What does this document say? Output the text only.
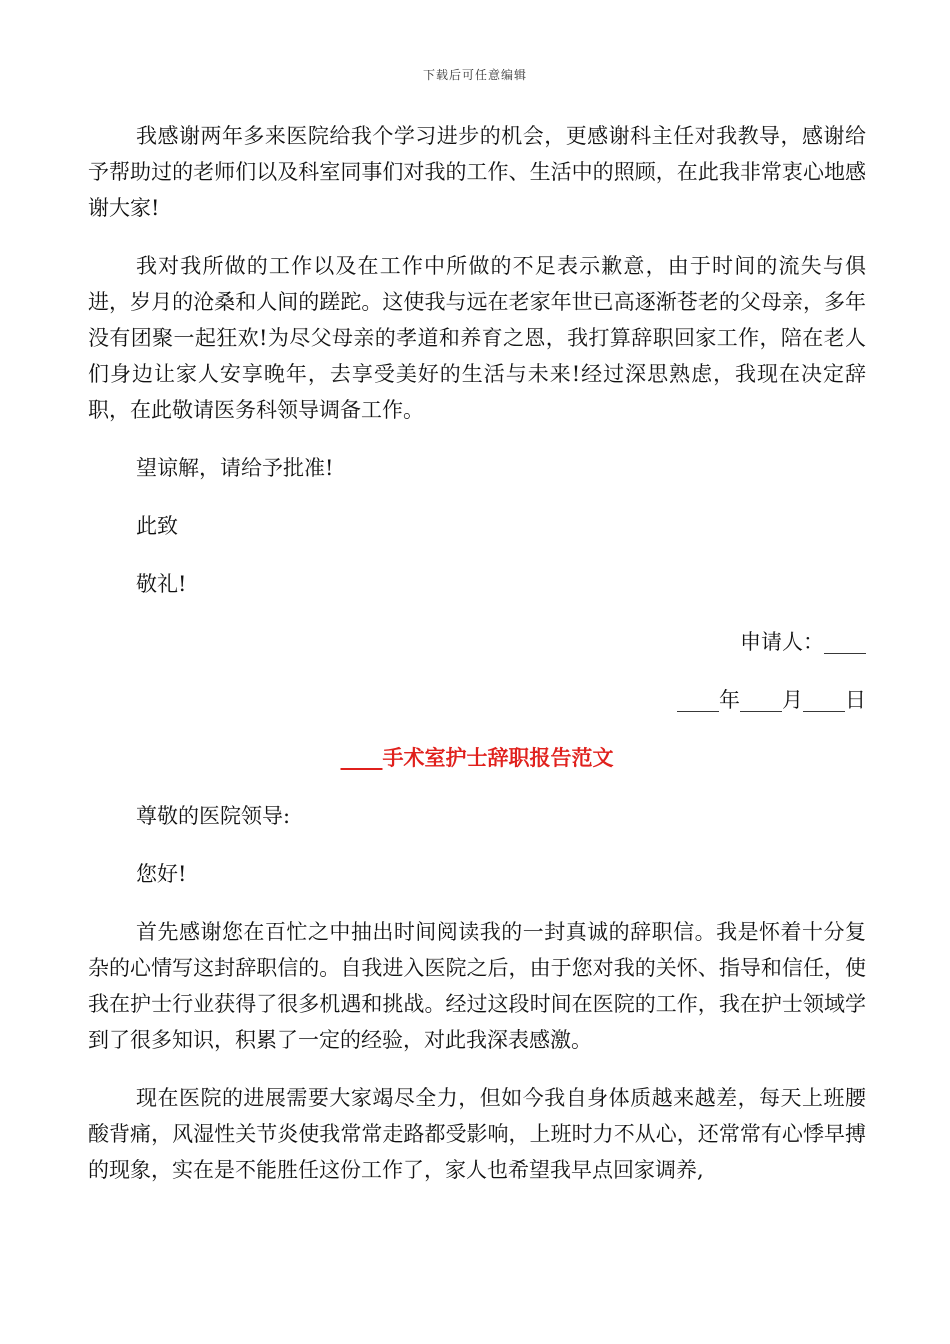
下载后可任意编辑

我感谢两年多来医院给我个学习进步的机会，更感谢科主任对我教导，感谢给予帮助过的老师们以及科室同事们对我的工作、生活中的照顾，在此我非常衷心地感谢大家!

我对我所做的工作以及在工作中所做的不足表示歉意，由于时间的流失与俱进，岁月的沧桑和人间的蹉跎。这使我与远在老家年世已高逐渐苍老的父母亲，多年没有团聚一起狂欢!为尽父母亲的孝道和养育之恩，我打算辞职回家工作，陪在老人们身边让家人安享晚年，去享受美好的生活与未来!经过深思熟虑，我现在决定辞职，在此敬请医务科领导调备工作。

望谅解，请给予批准!

此致

敬礼!

申请人：____

____年____月____日

____手术室护士辞职报告范文

尊敬的医院领导:

您好!

首先感谢您在百忙之中抽出时间阅读我的一封真诚的辞职信。我是怀着十分复杂的心情写这封辞职信的。自我进入医院之后，由于您对我的关怀、指导和信任，使我在护士行业获得了很多机遇和挑战。经过这段时间在医院的工作，我在护士领域学到了很多知识，积累了一定的经验，对此我深表感激。

现在医院的进展需要大家竭尽全力，但如今我自身体质越来越差，每天上班腰酸背痛，风湿性关节炎使我常常走路都受影响，上班时力不从心，还常常有心悸早搏的现象，实在是不能胜任这份工作了，家人也希望我早点回家调养,
